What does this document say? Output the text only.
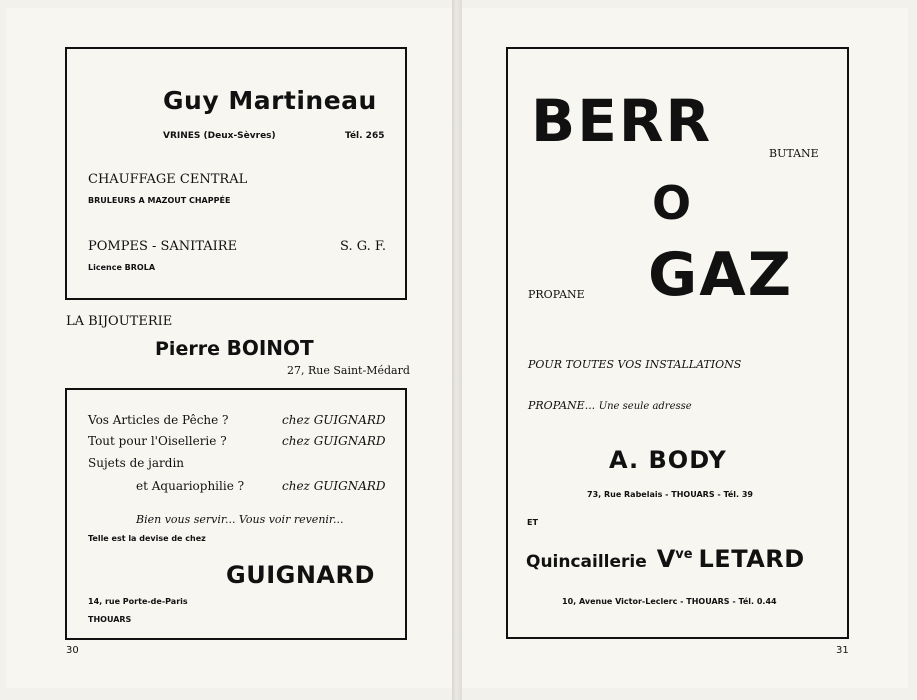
Guy Martineau
VRINES (Deux-Sèvres)	Tél. 265
CHAUFFAGE CENTRAL
BRULEURS A MAZOUT CHAPPÉE
POMPES - SANITAIRE	S. G. F.
Licence BROLA
LA BIJOUTERIE
Pierre BOINOT
27, Rue Saint-Médard
Vos Articles de Pêche ?	chez GUIGNARD
Tout pour l'Oisellerie ?	chez GUIGNARD
Sujets de jardin
et Aquariophilie ?	chez GUIGNARD
Bien vous servir... Vous voir revenir...
Telle est la devise de chez
GUIGNARD
14, rue Porte-de-Paris
THOUARS
30
BERR	BUTANE
O
GAZ
PROPANE
POUR TOUTES VOS INSTALLATIONS
PROPANE... Une seule adresse
A. BODY
73, Rue Rabelais - THOUARS - Tél. 39
ET
Quincaillerie $V^{ve}$ LETARD
10, Avenue Victor-Leclerc - THOUARS - Tél. 0.44
31
